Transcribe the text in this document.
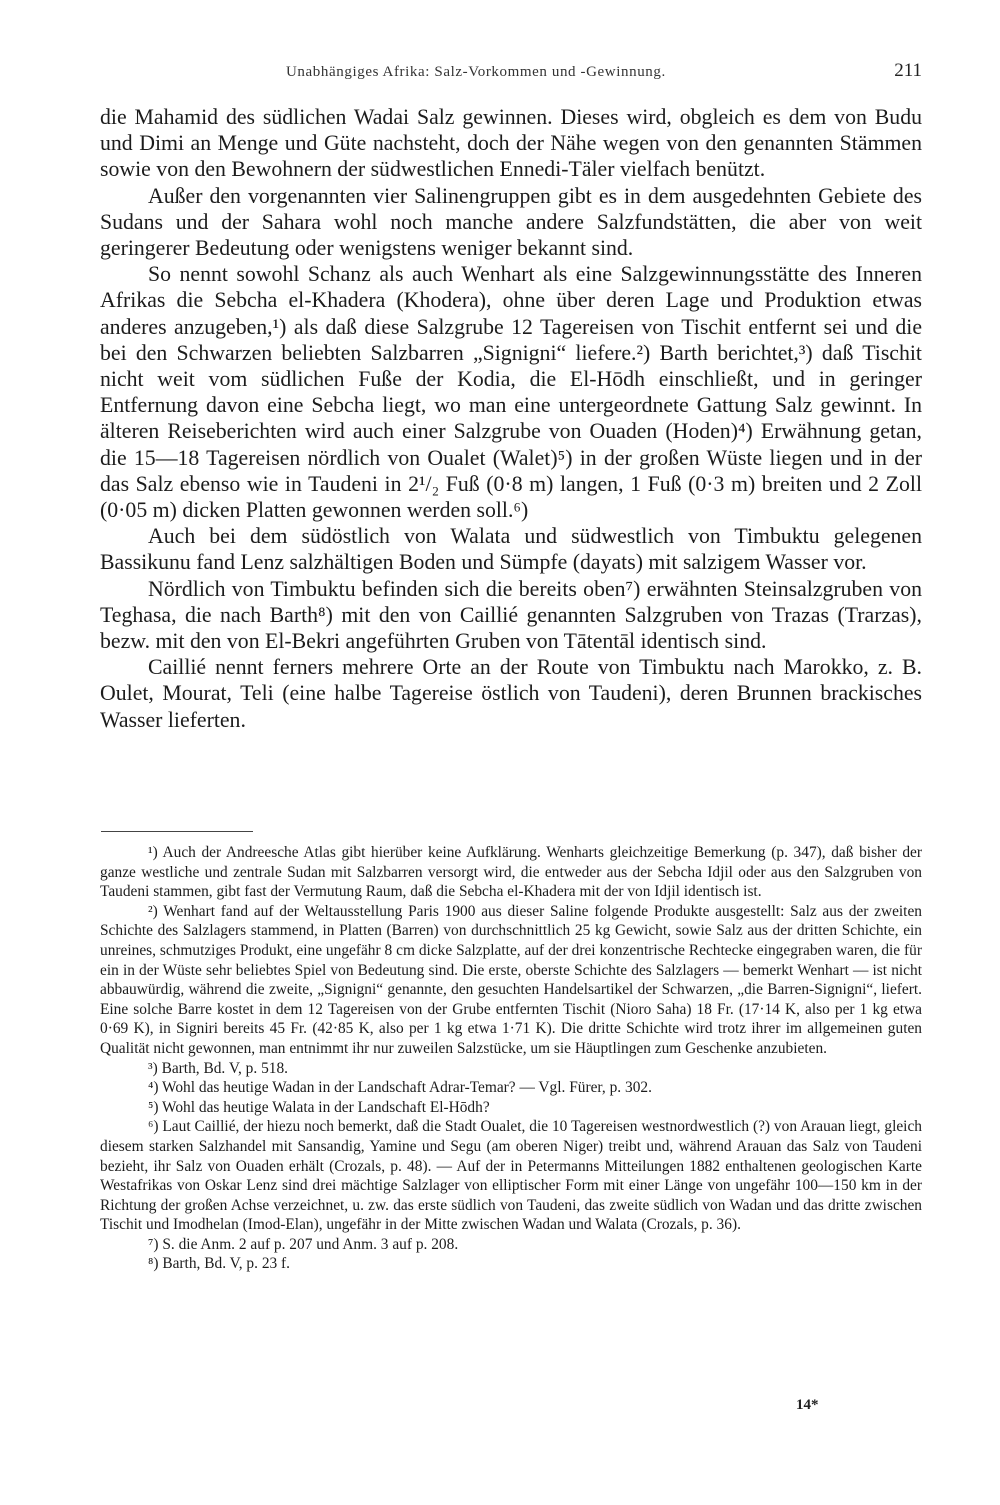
Unabhängiges Afrika: Salz-Vorkommen und -Gewinnung.	211

die Mahamid des südlichen Wadai Salz gewinnen. Dieses wird, obgleich es dem von Budu und Dimi an Menge und Güte nachsteht, doch der Nähe wegen von den genannten Stämmen sowie von den Bewohnern der südwestlichen Ennedi-Täler vielfach benützt.

Außer den vorgenannten vier Salinengruppen gibt es in dem ausgedehnten Gebiete des Sudans und der Sahara wohl noch manche andere Salzfundstätten, die aber von weit geringerer Bedeutung oder wenigstens weniger bekannt sind.

So nennt sowohl Schanz als auch Wenhart als eine Salzgewinnungsstätte des Inneren Afrikas die Sebcha el-Khadera (Khodera), ohne über deren Lage und Produktion etwas anderes anzugeben,¹) als daß diese Salzgrube 12 Tagereisen von Tischit entfernt sei und die bei den Schwarzen beliebten Salzbarren „Signigni“ liefere.²) Barth berichtet,³) daß Tischit nicht weit vom südlichen Fuße der Kodia, die El-Hōdh einschließt, und in geringer Entfernung davon eine Sebcha liegt, wo man eine untergeordnete Gattung Salz gewinnt. In älteren Reiseberichten wird auch einer Salzgrube von Ouaden (Hoden)⁴) Erwähnung getan, die 15—18 Tagereisen nördlich von Oualet (Walet)⁵) in der großen Wüste liegen und in der das Salz ebenso wie in Taudeni in 2¹/₂ Fuß (0·8 m) langen, 1 Fuß (0·3 m) breiten und 2 Zoll (0·05 m) dicken Platten gewonnen werden soll.⁶)

Auch bei dem südöstlich von Walata und südwestlich von Timbuktu gelegenen Bassikunu fand Lenz salzhältigen Boden und Sümpfe (dayats) mit salzigem Wasser vor.

Nördlich von Timbuktu befinden sich die bereits oben⁷) erwähnten Steinsalzgruben von Teghasa, die nach Barth⁸) mit den von Caillié genannten Salzgruben von Trazas (Trarzas), bezw. mit den von El-Bekri angeführten Gruben von Tātentāl identisch sind.

Caillié nennt ferners mehrere Orte an der Route von Timbuktu nach Marokko, z. B. Oulet, Mourat, Teli (eine halbe Tagereise östlich von Taudeni), deren Brunnen brackisches Wasser lieferten.

¹) Auch der Andreesche Atlas gibt hierüber keine Aufklärung. Wenharts gleichzeitige Bemerkung (p. 347), daß bisher der ganze westliche und zentrale Sudan mit Salzbarren versorgt wird, die entweder aus der Sebcha Idjil oder aus den Salzgruben von Taudeni stammen, gibt fast der Vermutung Raum, daß die Sebcha el-Khadera mit der von Idjil identisch ist.

²) Wenhart fand auf der Weltausstellung Paris 1900 aus dieser Saline folgende Produkte ausgestellt: Salz aus der zweiten Schichte des Salzlagers stammend, in Platten (Barren) von durchschnittlich 25 kg Gewicht, sowie Salz aus der dritten Schichte, ein unreines, schmutziges Produkt, eine ungefähr 8 cm dicke Salzplatte, auf der drei konzentrische Rechtecke eingegraben waren, die für ein in der Wüste sehr beliebtes Spiel von Bedeutung sind. Die erste, oberste Schichte des Salzlagers — bemerkt Wenhart — ist nicht abbauwürdig, während die zweite, „Signigni“ genannte, den gesuchten Handelsartikel der Schwarzen, „die Barren-Signigni“, liefert. Eine solche Barre kostet in dem 12 Tagereisen von der Grube entfernten Tischit (Nioro Saha) 18 Fr. (17·14 K, also per 1 kg etwa 0·69 K), in Signiri bereits 45 Fr. (42·85 K, also per 1 kg etwa 1·71 K). Die dritte Schichte wird trotz ihrer im allgemeinen guten Qualität nicht gewonnen, man entnimmt ihr nur zuweilen Salzstücke, um sie Häuptlingen zum Geschenke anzubieten.

³) Barth, Bd. V, p. 518.

⁴) Wohl das heutige Wadan in der Landschaft Adrar-Temar? — Vgl. Fürer, p. 302.

⁵) Wohl das heutige Walata in der Landschaft El-Hōdh?

⁶) Laut Caillié, der hiezu noch bemerkt, daß die Stadt Oualet, die 10 Tagereisen westnordwestlich (?) von Arauan liegt, gleich diesem starken Salzhandel mit Sansandig, Yamine und Segu (am oberen Niger) treibt und, während Arauan das Salz von Taudeni bezieht, ihr Salz von Ouaden erhält (Crozals, p. 48). — Auf der in Petermanns Mitteilungen 1882 enthaltenen geologischen Karte Westafrikas von Oskar Lenz sind drei mächtige Salzlager von elliptischer Form mit einer Länge von ungefähr 100—150 km in der Richtung der großen Achse verzeichnet, u. zw. das erste südlich von Taudeni, das zweite südlich von Wadan und das dritte zwischen Tischit und Imodhelan (Imod-Elan), ungefähr in der Mitte zwischen Wadan und Walata (Crozals, p. 36).

⁷) S. die Anm. 2 auf p. 207 und Anm. 3 auf p. 208.

⁸) Barth, Bd. V, p. 23 f.

14*
